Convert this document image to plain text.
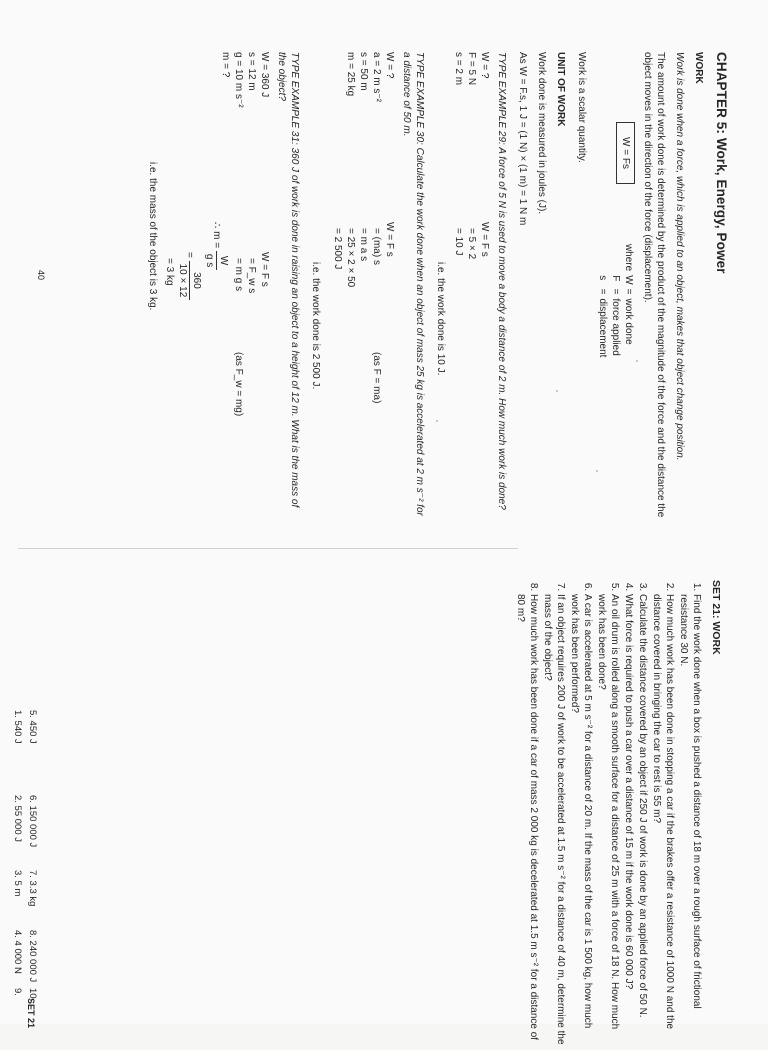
CHAPTER 5: Work, Energy, Power
WORK

Work is done when a force, which is applied to an object, makes that object change position.

The amount of work done is determined by the product of the magnitude of the force and the distance the object moves in the direction of the force (displacement).

W = Fs
where
W
=
work done
F
=
force applied
s
=
displacement

Work is a scalar quantity.

UNIT OF WORK

Work done is measured in joules (J).

As W = F.s, 1 J = (1 N) × (1 m) = 1 N m

TYPE EXAMPLE 29: A force of 5 N is used to move a body a distance of 2 m. How much work is done?

W = ?
F = 5 N
s = 2 m
W = F s
= 5 × 2
= 10 J

i.e. the work done is 10 J.

TYPE EXAMPLE 30: Calculate the work done when an object of mass 25 kg is accelerated at 2 m s⁻² for a distance of 50 m.

W = ?
a = 2 m s⁻²
s = 50 m
m = 25 kg
W = F s
= (ma) s
= m a s
= 25 × 2 × 50
= 2 500 J
(as F = ma)

i.e. the work done is 2 500 J.

TYPE EXAMPLE 31: 360 J of work is done in raising an object to a height of 12 m. What is the mass of the object?

W = 360 J
s = 12 m
g = 10 m s⁻²
m = ?
W = F s
= F_w s
= m g s
∴ m =
W
g s
=
360
10 × 12
= 3 kg
(as F_w = mg)

i.e. the mass of the object is 3 kg.

40
SET 21: WORK
1. Find the work done when a box is pushed a distance of 18 m over a rough surface of frictional resistance 30 N.
2. How much work has been done in stopping a car if the brakes offer a resistance of 1000 N and the distance covered in bringing the car to rest is 55 m?
3. Calculate the distance covered by an object if 250 J of work is done by an applied force of 50 N.
4. What force is required to push a car over a distance of 15 m if the work done is 60 000 J?
5. An oil drum is rolled along a smooth surface for a distance of 25 m with a force of 18 N. How much work has been done?
6. A car is accelerated at 5 m s⁻² for a distance of 20 m. If the mass of the car is 1 500 kg, how much work has been performed?
7. If an object requires 200 J of work to be accelerated at 1.5 m s⁻² for a distance of 40 m, determine the mass of the object?
8. How much work has been done if a car of mass 2 000 kg is decelerated at 1.5 m s⁻² for a distance of 80 m?
SET 21
1. 540 J
2. 55 000 J
3. 5 m
4. 4 000 N
5. 450 J
6. 150 000 J
7. 3.3 kg
8. 240 000 J
9. 10.
